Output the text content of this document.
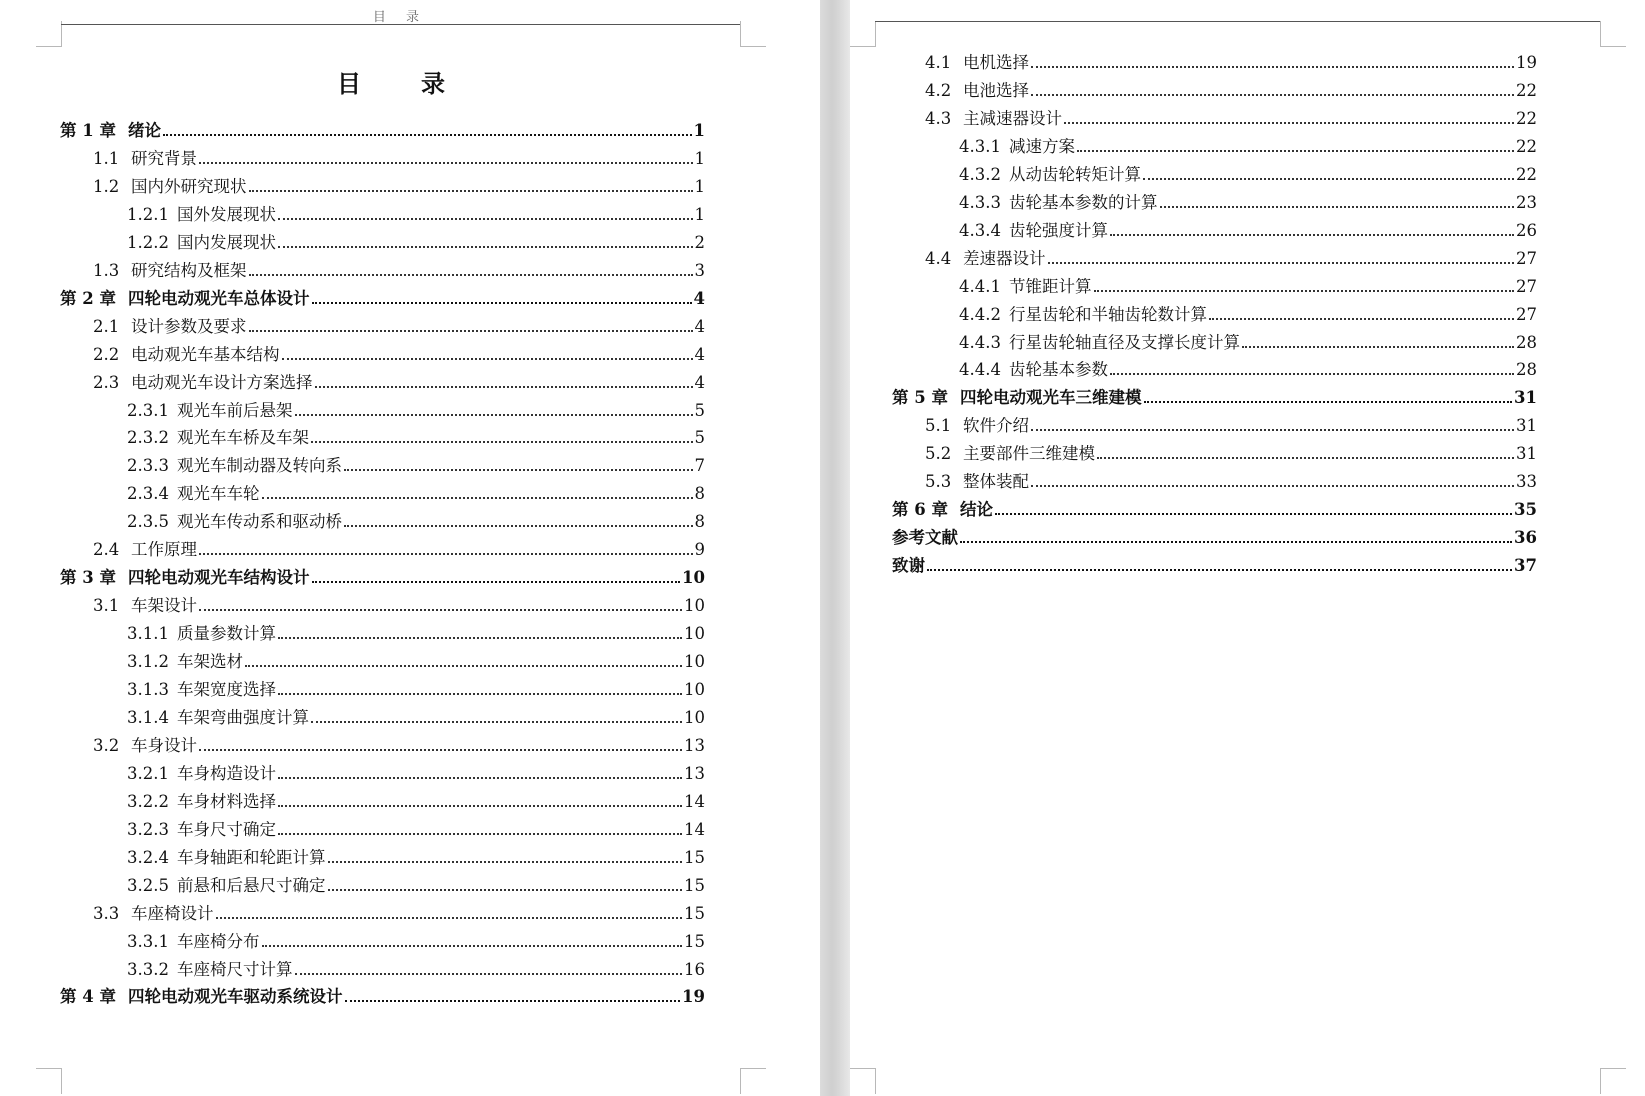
目 录
目　录
第 1 章 绪论	1
1.1 研究背景	1
1.2 国内外研究现状	1
1.2.1 国外发展现状	1
1.2.2 国内发展现状	2
1.3 研究结构及框架	3
第 2 章 四轮电动观光车总体设计	4
2.1 设计参数及要求	4
2.2 电动观光车基本结构	4
2.3 电动观光车设计方案选择	4
2.3.1 观光车前后悬架	5
2.3.2 观光车车桥及车架	5
2.3.3 观光车制动器及转向系	7
2.3.4 观光车车轮	8
2.3.5 观光车传动系和驱动桥	8
2.4 工作原理	9
第 3 章 四轮电动观光车结构设计	10
3.1 车架设计	10
3.1.1 质量参数计算	10
3.1.2 车架选材	10
3.1.3 车架宽度选择	10
3.1.4 车架弯曲强度计算	10
3.2 车身设计	13
3.2.1 车身构造设计	13
3.2.2 车身材料选择	14
3.2.3 车身尺寸确定	14
3.2.4 车身轴距和轮距计算	15
3.2.5 前悬和后悬尺寸确定	15
3.3 车座椅设计	15
3.3.1 车座椅分布	15
3.3.2 车座椅尺寸计算	16
第 4 章 四轮电动观光车驱动系统设计	19
4.1 电机选择	19
4.2 电池选择	22
4.3 主减速器设计	22
4.3.1 减速方案	22
4.3.2 从动齿轮转矩计算	22
4.3.3 齿轮基本参数的计算	23
4.3.4 齿轮强度计算	26
4.4 差速器设计	27
4.4.1 节锥距计算	27
4.4.2 行星齿轮和半轴齿轮数计算	27
4.4.3 行星齿轮轴直径及支撑长度计算	28
4.4.4 齿轮基本参数	28
第 5 章 四轮电动观光车三维建模	31
5.1 软件介绍	31
5.2 主要部件三维建模	31
5.3 整体装配	33
第 6 章 结论	35
参考文献	36
致谢	37
